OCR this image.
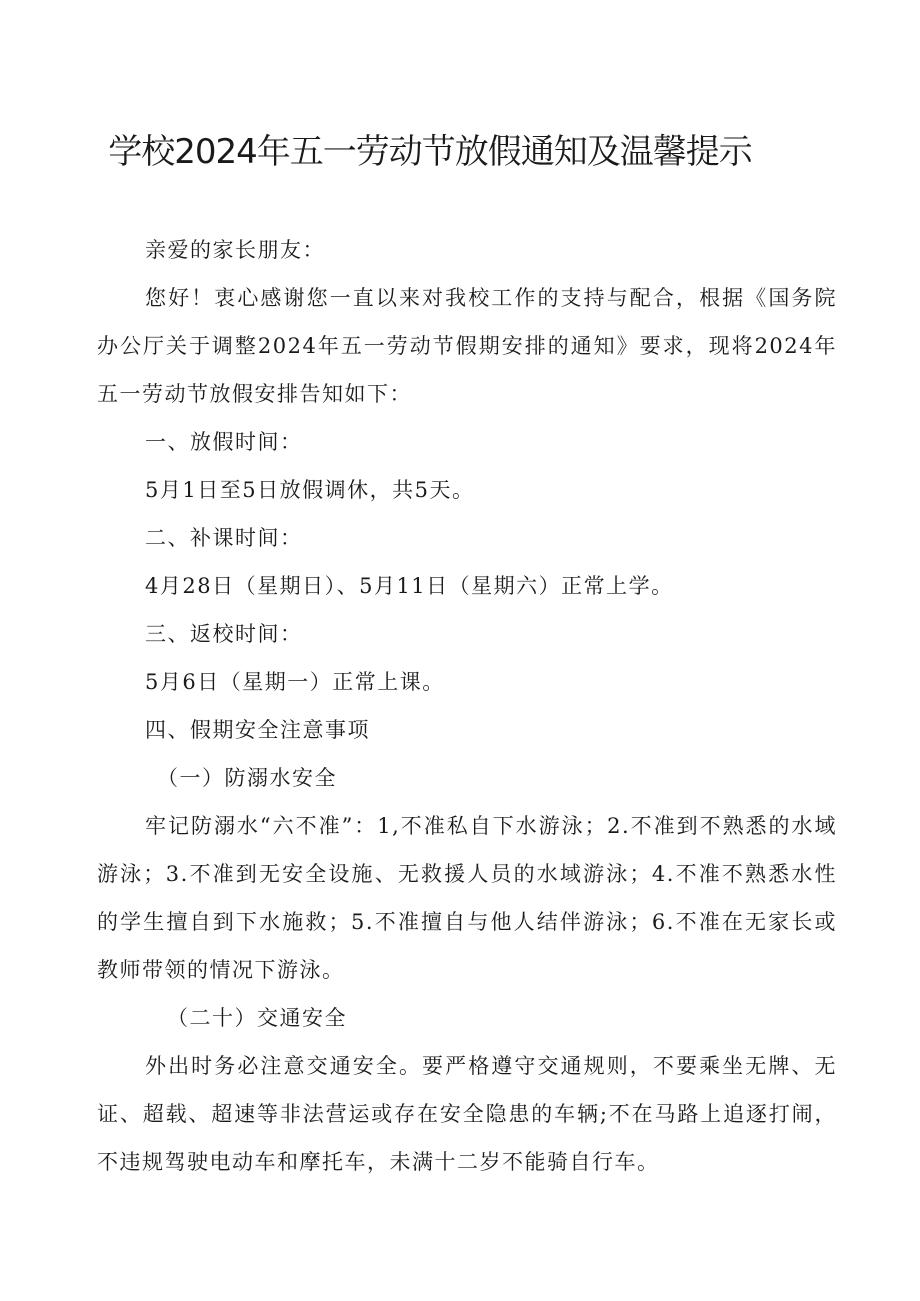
学校2024年五一劳动节放假通知及温馨提示

亲爱的家长朋友：

您好！衷心感谢您一直以来对我校工作的支持与配合，根据《国务院办公厅关于调整2024年五一劳动节假期安排的通知》要求，现将2024年五一劳动节放假安排告知如下：

一、放假时间：

5月1日至5日放假调休，共5天。

二、补课时间：

4月28日（星期日）、5月11日（星期六）正常上学。

三、返校时间：

5月6日（星期一）正常上课。

四、假期安全注意事项

（一）防溺水安全

牢记防溺水“六不准”：1,不准私自下水游泳；2.不准到不熟悉的水域游泳；3.不准到无安全设施、无救援人员的水域游泳；4.不准不熟悉水性的学生擅自到下水施救；5.不准擅自与他人结伴游泳；6.不准在无家长或教师带领的情况下游泳。

（二十）交通安全

外出时务必注意交通安全。要严格遵守交通规则，不要乘坐无牌、无证、超载、超速等非法营运或存在安全隐患的车辆;不在马路上追逐打闹，不违规驾驶电动车和摩托车，未满十二岁不能骑自行车。
